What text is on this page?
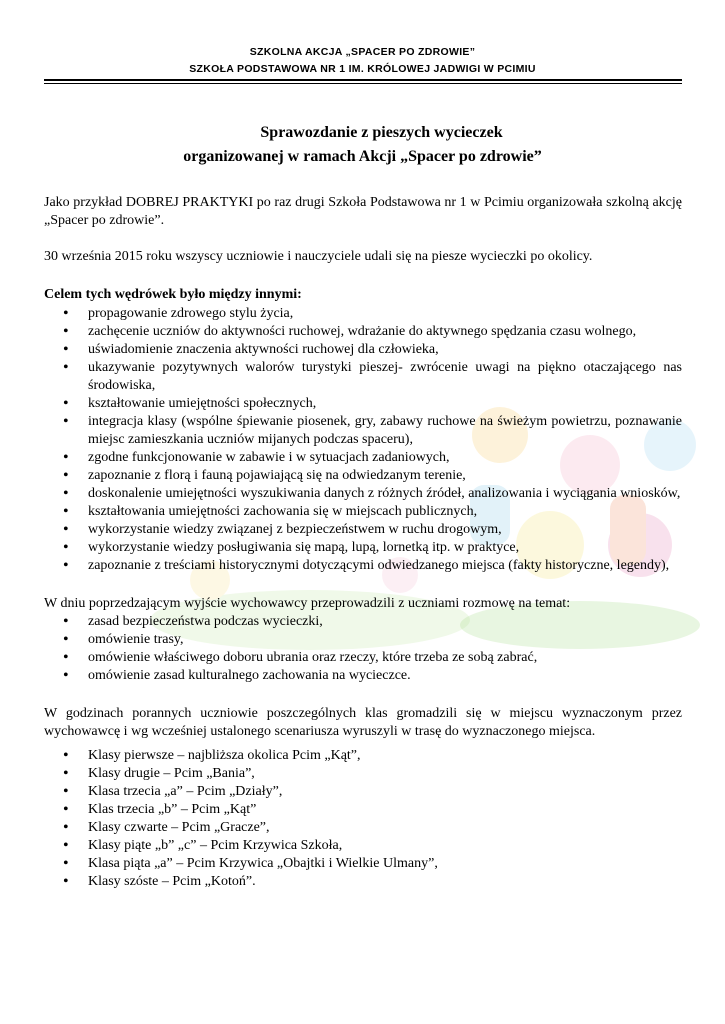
SZKOLNA AKCJA „SPACER PO ZDROWIE”
SZKOŁA PODSTAWOWA NR 1 IM. KRÓLOWEJ JADWIGI W PCIMIU
Sprawozdanie z pieszych wycieczek
organizowanej w ramach Akcji „Spacer po zdrowie”

Jako przykład DOBREJ PRAKTYKI po raz drugi Szkoła Podstawowa nr 1 w Pcimiu organizowała szkolną akcję „Spacer po zdrowie”.

30 września 2015 roku wszyscy uczniowie i nauczyciele udali się na piesze wycieczki po okolicy.

Celem tych wędrówek było między innymi:

• propagowanie zdrowego stylu życia,
• zachęcenie uczniów do aktywności ruchowej, wdrażanie do aktywnego spędzania czasu wolnego,
• uświadomienie znaczenia aktywności ruchowej dla człowieka,
• ukazywanie pozytywnych walorów turystyki pieszej- zwrócenie uwagi na piękno otaczającego nas środowiska,
• kształtowanie umiejętności społecznych,
• integracja klasy (wspólne śpiewanie piosenek, gry, zabawy ruchowe na świeżym powietrzu, poznawanie miejsc zamieszkania uczniów mijanych podczas spaceru),
• zgodne funkcjonowanie w zabawie i w sytuacjach zadaniowych,
• zapoznanie z florą i fauną pojawiającą się na odwiedzanym terenie,
• doskonalenie umiejętności wyszukiwania danych z różnych źródeł, analizowania i wyciągania wniosków,
• kształtowania umiejętności zachowania się w miejscach publicznych,
• wykorzystanie wiedzy związanej z bezpieczeństwem w ruchu drogowym,
• wykorzystanie wiedzy posługiwania się mapą, lupą, lornetką itp. w praktyce,
• zapoznanie z treściami historycznymi dotyczącymi odwiedzanego miejsca (fakty historyczne, legendy),

W dniu poprzedzającym wyjście wychowawcy przeprowadzili z uczniami rozmowę na temat:

• zasad bezpieczeństwa podczas wycieczki,
• omówienie trasy,
• omówienie właściwego doboru ubrania oraz rzeczy, które trzeba ze sobą zabrać,
• omówienie zasad kulturalnego zachowania na wycieczce.

W godzinach porannych uczniowie poszczególnych klas gromadzili się w miejscu wyznaczonym przez wychowawcę i wg wcześniej ustalonego scenariusza wyruszyli w trasę do wyznaczonego miejsca.

• Klasy pierwsze – najbliższa okolica Pcim „Kąt”,
• Klasy drugie – Pcim „Bania”,
• Klasa trzecia „a” – Pcim „Działy”,
• Klas trzecia „b” – Pcim „Kąt”
• Klasy czwarte – Pcim „Gracze”,
• Klasy piąte „b” „c” – Pcim Krzywica Szkoła,
• Klasa piąta „a” – Pcim Krzywica „Obajtki i Wielkie Ulmany”,
• Klasy szóste – Pcim „Kotoń”.
